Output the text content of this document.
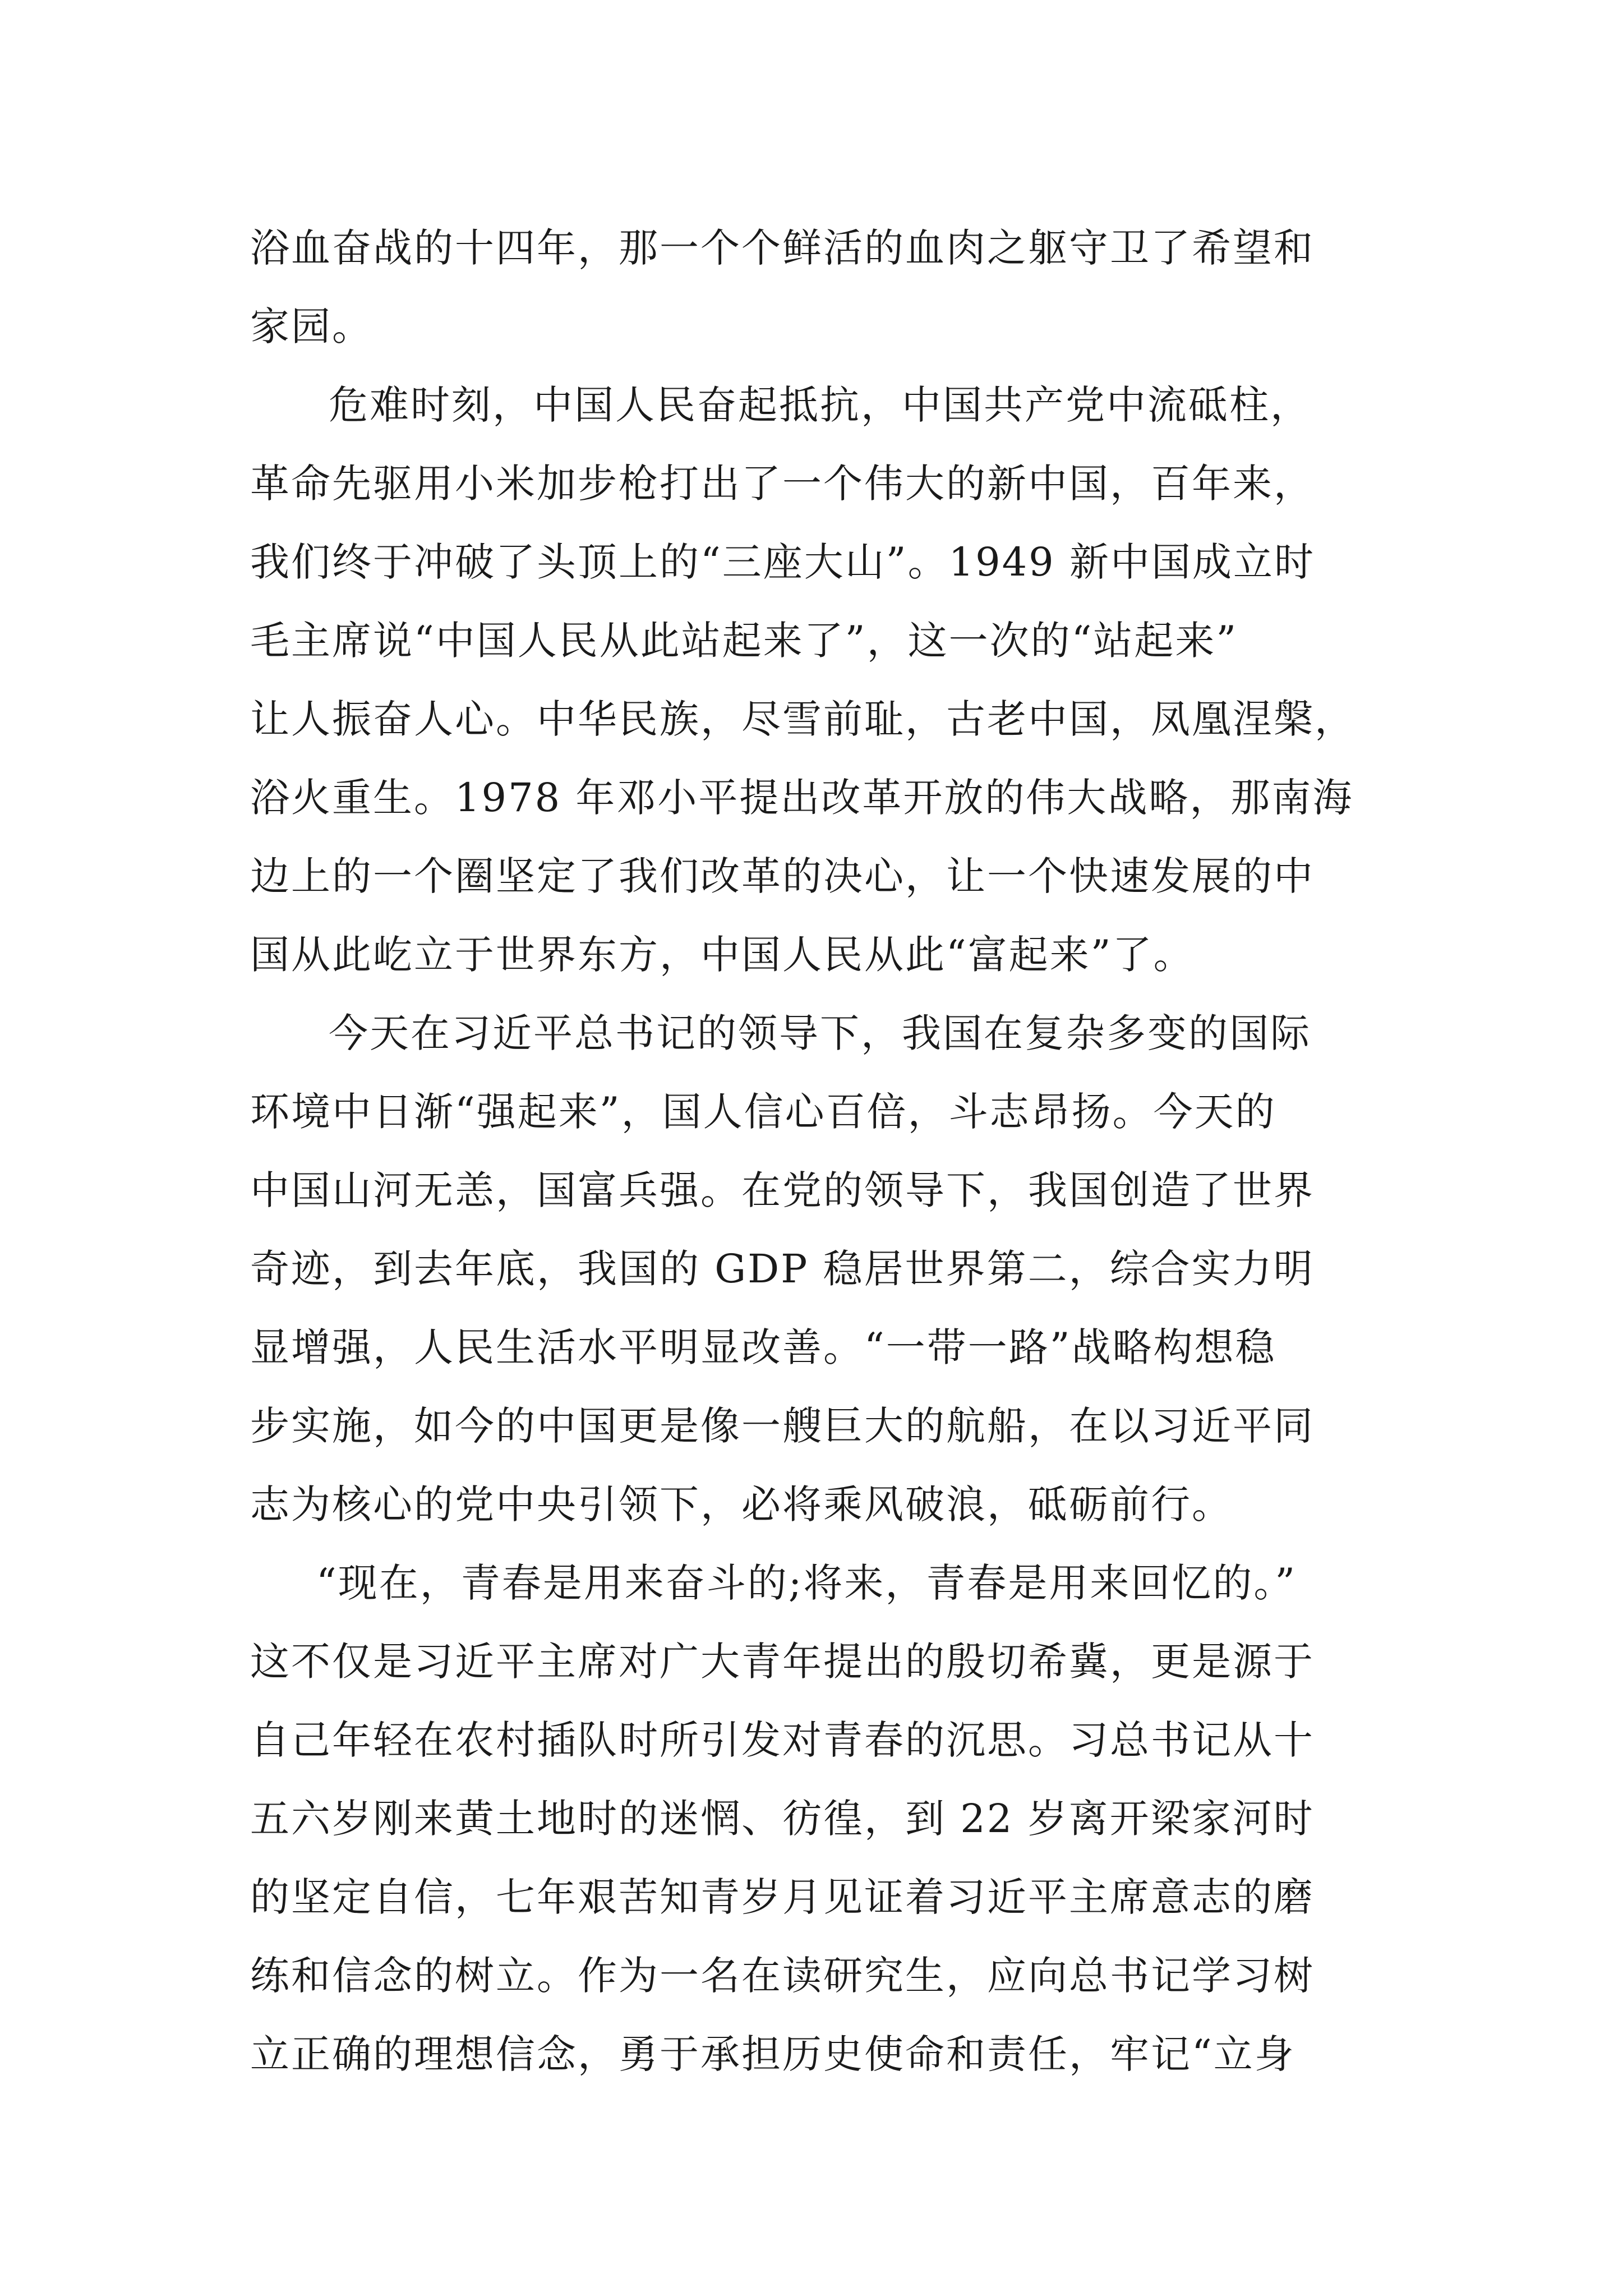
浴血奋战的十四年，那一个个鲜活的血肉之躯守卫了希望和
家园。
危难时刻，中国人民奋起抵抗，中国共产党中流砥柱，
革命先驱用小米加步枪打出了一个伟大的新中国，百年来，
我们终于冲破了头顶上的“三座大山”。1949 新中国成立时
毛主席说“中国人民从此站起来了”，这一次的“站起来”
让人振奋人心。中华民族，尽雪前耻，古老中国，凤凰涅槃，
浴火重生。1978 年邓小平提出改革开放的伟大战略，那南海
边上的一个圈坚定了我们改革的决心，让一个快速发展的中
国从此屹立于世界东方，中国人民从此“富起来”了。
今天在习近平总书记的领导下，我国在复杂多变的国际
环境中日渐“强起来”，国人信心百倍，斗志昂扬。今天的
中国山河无恙，国富兵强。在党的领导下，我国创造了世界
奇迹，到去年底，我国的 GDP 稳居世界第二，综合实力明
显增强，人民生活水平明显改善。“一带一路”战略构想稳
步实施，如今的中国更是像一艘巨大的航船，在以习近平同
志为核心的党中央引领下，必将乘风破浪，砥砺前行。
“现在，青春是用来奋斗的;将来，青春是用来回忆的。”
这不仅是习近平主席对广大青年提出的殷切希冀，更是源于
自己年轻在农村插队时所引发对青春的沉思。习总书记从十
五六岁刚来黄土地时的迷惘、彷徨，到 22 岁离开梁家河时
的坚定自信，七年艰苦知青岁月见证着习近平主席意志的磨
练和信念的树立。作为一名在读研究生，应向总书记学习树
立正确的理想信念，勇于承担历史使命和责任，牢记“立身
